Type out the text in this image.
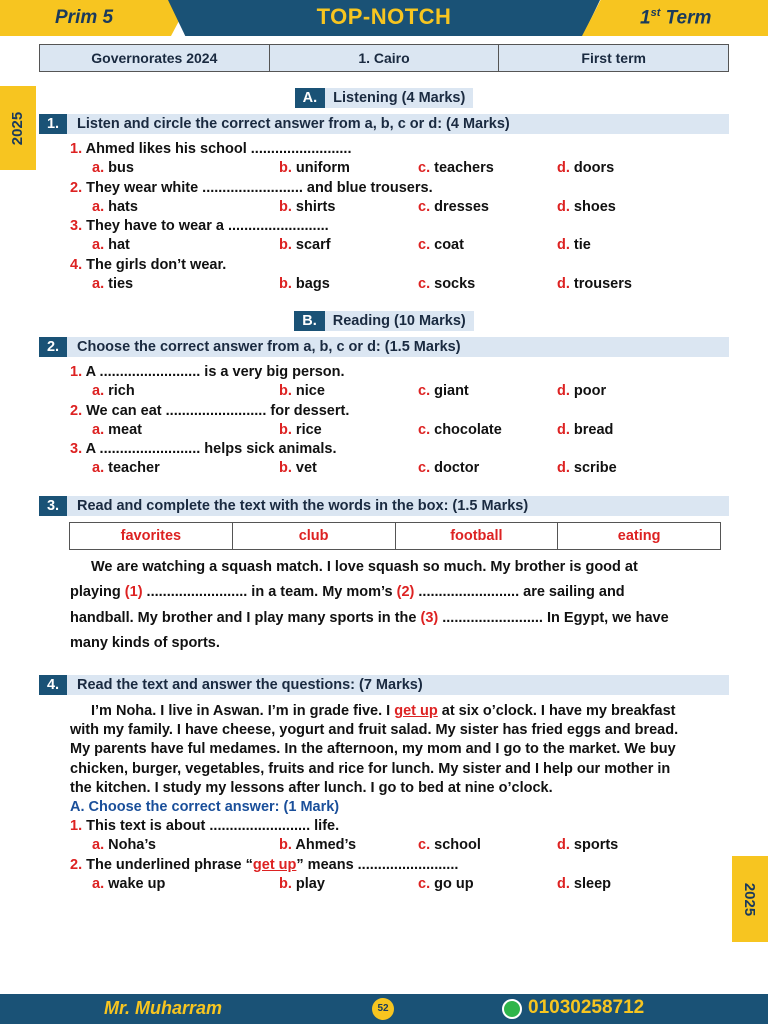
Prim 5	TOP-NOTCH	1st Term
2025
2025
Governorates 2024	1. Cairo	First term
A. Listening (4 Marks)
1. Listen and circle the correct answer from a, b, c or d: (4 Marks)
1. Ahmed likes his school .........................
a. bus	b. uniform	c. teachers	d. doors
2. They wear white ......................... and blue trousers.
a. hats	b. shirts	c. dresses	d. shoes
3. They have to wear a .........................
a. hat	b. scarf	c. coat	d. tie
4. The girls don’t wear.
a. ties	b. bags	c. socks	d. trousers
B. Reading (10 Marks)
2. Choose the correct answer from a, b, c or d: (1.5 Marks)
1. A ......................... is a very big person.
a. rich	b. nice	c. giant	d. poor
2. We can eat ......................... for dessert.
a. meat	b. rice	c. chocolate	d. bread
3. A ......................... helps sick animals.
a. teacher	b. vet	c. doctor	d. scribe
3. Read and complete the text with the words in the box: (1.5 Marks)
favorites	club	football	eating
We are watching a squash match. I love squash so much. My brother is good at
playing (1) ......................... in a team. My mom’s (2) ......................... are sailing and
handball. My brother and I play many sports in the (3) ......................... In Egypt, we have
many kinds of sports.
4. Read the text and answer the questions: (7 Marks)
I’m Noha. I live in Aswan. I’m in grade five. I get up at six o’clock. I have my breakfast
with my family. I have cheese, yogurt and fruit salad. My sister has fried eggs and bread.
My parents have ful medames. In the afternoon, my mom and I go to the market. We buy
chicken, burger, vegetables, fruits and rice for lunch. My sister and I help our mother in
the kitchen. I study my lessons after lunch. I go to bed at nine o’clock.
A. Choose the correct answer: (1 Mark)
1. This text is about ......................... life.
a. Noha’s	b. Ahmed’s	c. school	d. sports
2. The underlined phrase “get up” means .........................
a. wake up	b. play	c. go up	d. sleep
Mr. Muharram	52	01030258712
